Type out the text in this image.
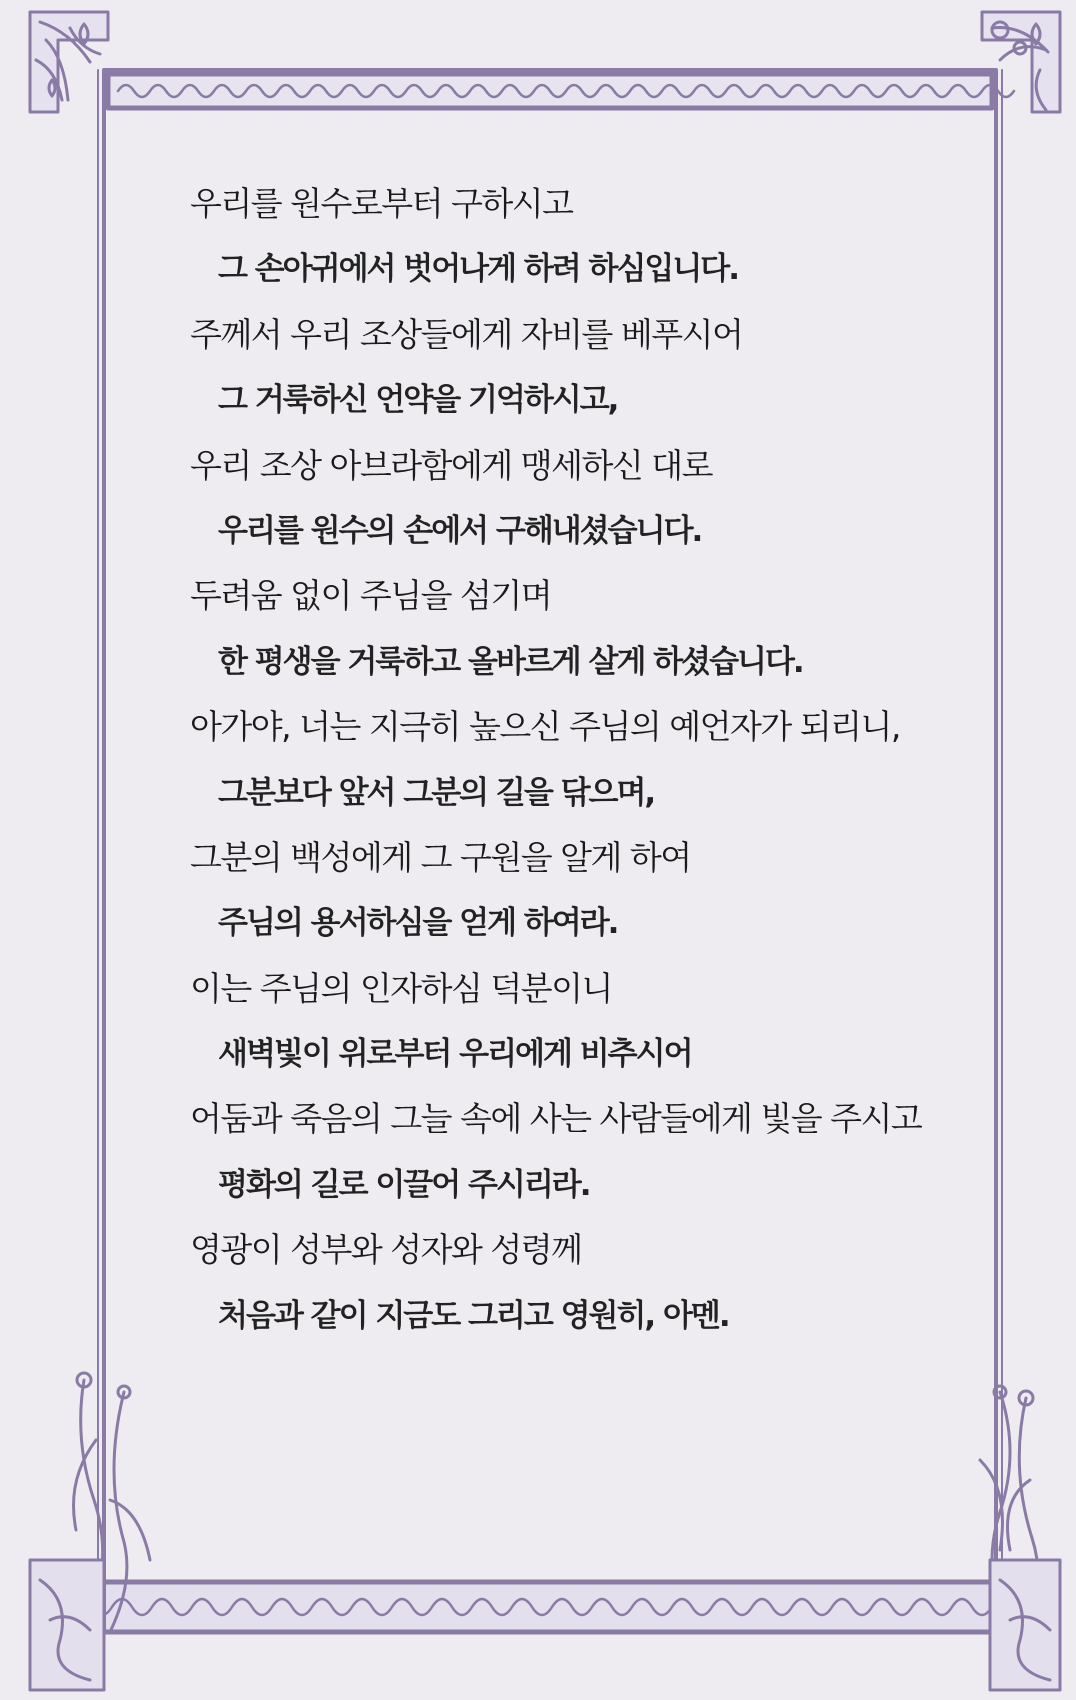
우리를 원수로부터 구하시고
그 손아귀에서 벗어나게 하려 하심입니다.
주께서 우리 조상들에게 자비를 베푸시어
그 거룩하신 언약을 기억하시고,
우리 조상 아브라함에게 맹세하신 대로
우리를 원수의 손에서 구해내셨습니다.
두려움 없이 주님을 섬기며
한 평생을 거룩하고 올바르게 살게 하셨습니다.
아가야, 너는 지극히 높으신 주님의 예언자가 되리니,
그분보다 앞서 그분의 길을 닦으며,
그분의 백성에게 그 구원을 알게 하여
주님의 용서하심을 얻게 하여라.
이는 주님의 인자하심 덕분이니
새벽빛이 위로부터 우리에게 비추시어
어둠과 죽음의 그늘 속에 사는 사람들에게 빛을 주시고
평화의 길로 이끌어 주시리라.
영광이 성부와 성자와 성령께
처음과 같이 지금도 그리고 영원히, 아멘.
